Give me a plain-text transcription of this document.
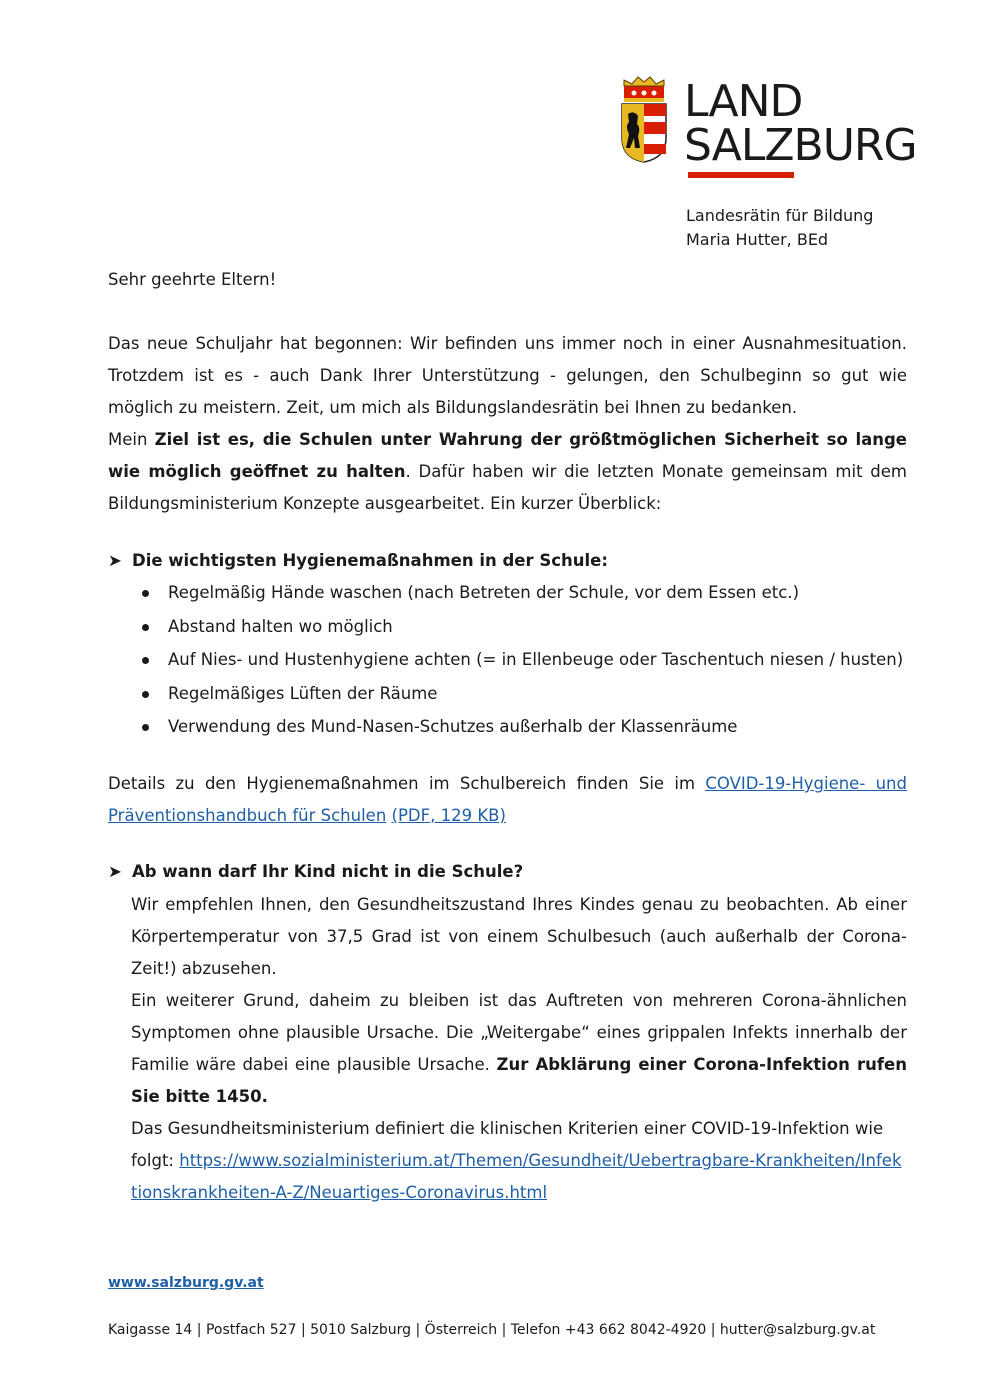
LAND
SALZBURG
Landesrätin für Bildung
Maria Hutter, BEd
Sehr geehrte Eltern!

Das neue Schuljahr hat begonnen: Wir befinden uns immer noch in einer Ausnahmesituation. Trotzdem ist es - auch Dank Ihrer Unterstützung - gelungen, den Schulbeginn so gut wie möglich zu meistern. Zeit, um mich als Bildungslandesrätin bei Ihnen zu bedanken.

Mein Ziel ist es, die Schulen unter Wahrung der größtmöglichen Sicherheit so lange wie möglich geöffnet zu halten. Dafür haben wir die letzten Monate gemeinsam mit dem Bildungsministerium Konzepte ausgearbeitet. Ein kurzer Überblick:

➤ Die wichtigsten Hygienemaßnahmen in der Schule:
Regelmäßig Hände waschen (nach Betreten der Schule, vor dem Essen etc.)
Abstand halten wo möglich
Auf Nies- und Hustenhygiene achten (= in Ellenbeuge oder Taschentuch niesen / husten)
Regelmäßiges Lüften der Räume
Verwendung des Mund-Nasen-Schutzes außerhalb der Klassenräume
Details zu den Hygienemaßnahmen im Schulbereich finden Sie im COVID-19-Hygiene- und Präventionshandbuch für Schulen (PDF, 129 KB)
➤ Ab wann darf Ihr Kind nicht in die Schule?

Wir empfehlen Ihnen, den Gesundheitszustand Ihres Kindes genau zu beobachten. Ab einer Körpertemperatur von 37,5 Grad ist von einem Schulbesuch (auch außerhalb der Corona-Zeit!) abzusehen.

Ein weiterer Grund, daheim zu bleiben ist das Auftreten von mehreren Corona-ähnlichen Symptomen ohne plausible Ursache. Die „Weitergabe“ eines grippalen Infekts innerhalb der Familie wäre dabei eine plausible Ursache. Zur Abklärung einer Corona-Infektion rufen Sie bitte 1450.

Das Gesundheitsministerium definiert die klinischen Kriterien einer COVID-19-Infektion wie folgt: https://www.sozialministerium.at/Themen/Gesundheit/Uebertragbare-Krankheiten/Infektionskrankheiten-A-Z/Neuartiges-Coronavirus.html

www.salzburg.gv.at
Kaigasse 14 | Postfach 527 | 5010 Salzburg | Österreich | Telefon +43 662 8042-4920 | hutter@salzburg.gv.at
